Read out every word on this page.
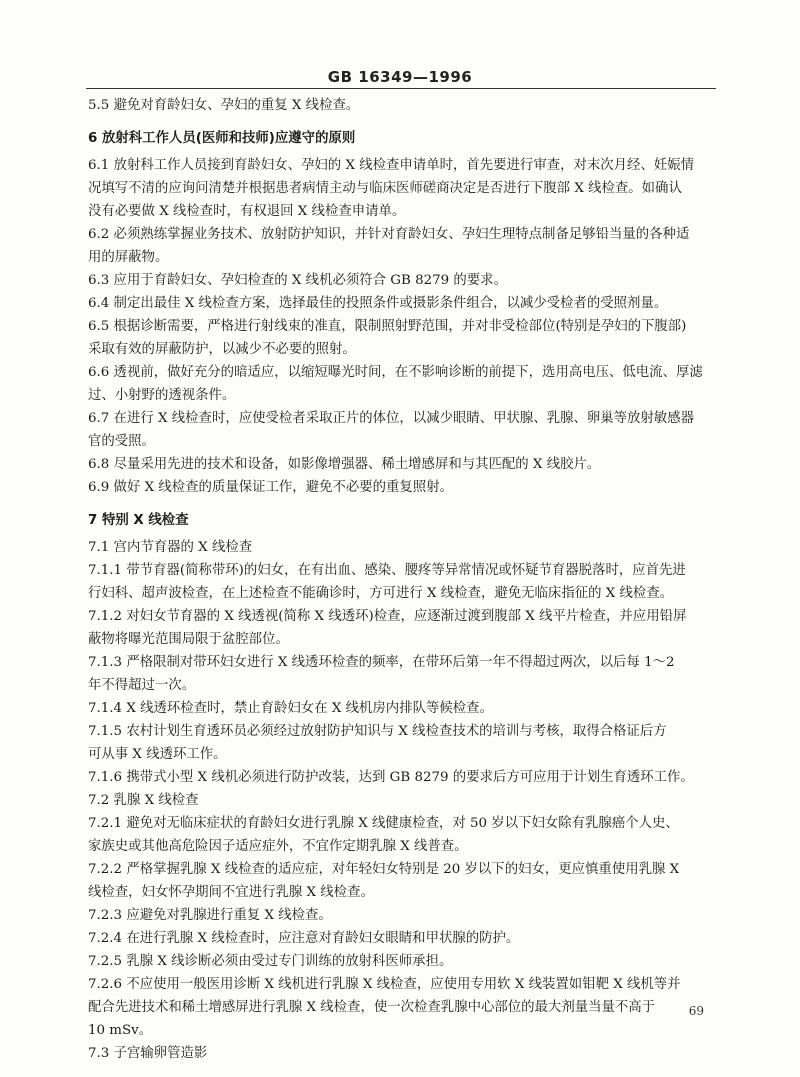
GB 16349—1996
5.5 避免对育龄妇女、孕妇的重复 X 线检查。
6 放射科工作人员(医师和技师)应遵守的原则
6.1 放射科工作人员接到育龄妇女、孕妇的 X 线检查申请单时，首先要进行审查，对末次月经、妊娠情
况填写不清的应询问清楚并根据患者病情主动与临床医师磋商决定是否进行下腹部 X 线检查。如确认
没有必要做 X 线检查时，有权退回 X 线检查申请单。
6.2 必须熟练掌握业务技术、放射防护知识，并针对育龄妇女、孕妇生理特点制备足够铅当量的各种适
用的屏蔽物。
6.3 应用于育龄妇女、孕妇检查的 X 线机必须符合 GB 8279 的要求。
6.4 制定出最佳 X 线检查方案，选择最佳的投照条件或摄影条件组合，以减少受检者的受照剂量。
6.5 根据诊断需要，严格进行射线束的准直，限制照射野范围，并对非受检部位(特别是孕妇的下腹部)
采取有效的屏蔽防护，以减少不必要的照射。
6.6 透视前，做好充分的暗适应，以缩短曝光时间，在不影响诊断的前提下，选用高电压、低电流、厚滤
过、小射野的透视条件。
6.7 在进行 X 线检查时，应使受检者采取正片的体位，以减少眼睛、甲状腺、乳腺、卵巢等放射敏感器
官的受照。
6.8 尽量采用先进的技术和设备，如影像增强器、稀土增感屏和与其匹配的 X 线胶片。
6.9 做好 X 线检查的质量保证工作，避免不必要的重复照射。
7 特别 X 线检查
7.1 宫内节育器的 X 线检查
7.1.1 带节育器(简称带环)的妇女，在有出血、感染、腰疼等异常情况或怀疑节育器脱落时，应首先进
行妇科、超声波检查，在上述检查不能确诊时，方可进行 X 线检查，避免无临床指征的 X 线检查。
7.1.2 对妇女节育器的 X 线透视(简称 X 线透环)检查，应逐渐过渡到腹部 X 线平片检查，并应用铅屏
蔽物将曝光范围局限于盆腔部位。
7.1.3 严格限制对带环妇女进行 X 线透环检查的频率，在带环后第一年不得超过两次，以后每 1～2
年不得超过一次。
7.1.4 X 线透环检查时，禁止育龄妇女在 X 线机房内排队等候检查。
7.1.5 农村计划生育透环员必须经过放射防护知识与 X 线检查技术的培训与考核，取得合格证后方
可从事 X 线透环工作。
7.1.6 携带式小型 X 线机必须进行防护改装，达到 GB 8279 的要求后方可应用于计划生育透环工作。
7.2 乳腺 X 线检查
7.2.1 避免对无临床症状的育龄妇女进行乳腺 X 线健康检查，对 50 岁以下妇女除有乳腺癌个人史、
家族史或其他高危险因子适应症外，不宜作定期乳腺 X 线普查。
7.2.2 严格掌握乳腺 X 线检查的适应症，对年轻妇女特别是 20 岁以下的妇女，更应慎重使用乳腺 X
线检查，妇女怀孕期间不宜进行乳腺 X 线检查。
7.2.3 应避免对乳腺进行重复 X 线检查。
7.2.4 在进行乳腺 X 线检查时，应注意对育龄妇女眼睛和甲状腺的防护。
7.2.5 乳腺 X 线诊断必须由受过专门训练的放射科医师承担。
7.2.6 不应使用一般医用诊断 X 线机进行乳腺 X 线检查，应使用专用软 X 线装置如钼靶 X 线机等并
配合先进技术和稀土增感屏进行乳腺 X 线检查，使一次检查乳腺中心部位的最大剂量当量不高于
10 mSv。
7.3 子宫输卵管造影
69
